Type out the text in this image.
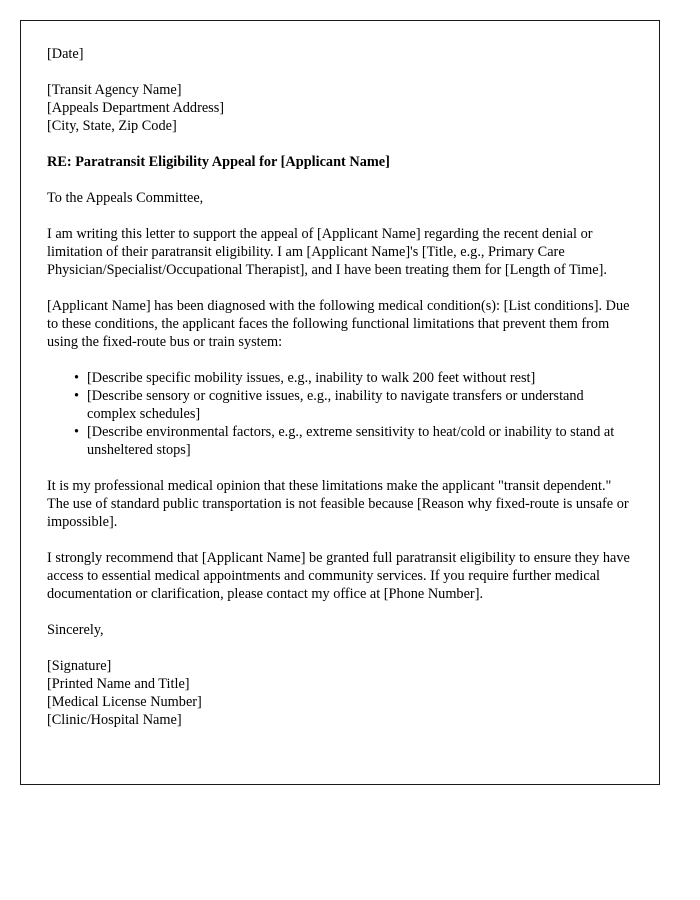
[Date]
[Transit Agency Name]
[Appeals Department Address]
[City, State, Zip Code]
RE: Paratransit Eligibility Appeal for [Applicant Name]
To the Appeals Committee,

I am writing this letter to support the appeal of [Applicant Name] regarding the recent denial or limitation of their paratransit eligibility. I am [Applicant Name]'s [Title, e.g., Primary Care Physician/Specialist/Occupational Therapist], and I have been treating them for [Length of Time].

[Applicant Name] has been diagnosed with the following medical condition(s): [List conditions]. Due to these conditions, the applicant faces the following functional limitations that prevent them from using the fixed-route bus or train system:

• [Describe specific mobility issues, e.g., inability to walk 200 feet without rest]
• [Describe sensory or cognitive issues, e.g., inability to navigate transfers or understand complex schedules]
• [Describe environmental factors, e.g., extreme sensitivity to heat/cold or inability to stand at unsheltered stops]

It is my professional medical opinion that these limitations make the applicant "transit dependent." The use of standard public transportation is not feasible because [Reason why fixed-route is unsafe or impossible].

I strongly recommend that [Applicant Name] be granted full paratransit eligibility to ensure they have access to essential medical appointments and community services. If you require further medical documentation or clarification, please contact my office at [Phone Number].

Sincerely,
[Signature]
[Printed Name and Title]
[Medical License Number]
[Clinic/Hospital Name]
